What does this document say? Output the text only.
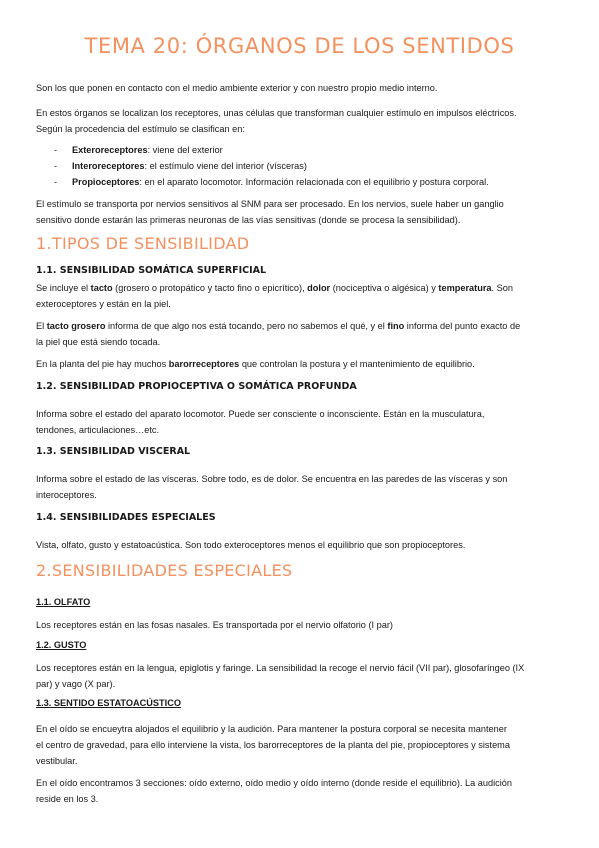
TEMA 20: ÓRGANOS DE LOS SENTIDOS
Son los que ponen en contacto con el medio ambiente exterior y con nuestro propio medio interno.
En estos órganos se localizan los receptores, unas células que transforman cualquier estímulo en impulsos eléctricos.
Según la procedencia del estímulo se clasifican en:
- Exteroreceptores: viene del exterior
- Interoreceptores: el estímulo viene del interior (vísceras)
- Propioceptores: en el aparato locomotor. Información relacionada con el equilibrio y postura corporal.
El estímulo se transporta por nervios sensitivos al SNM para ser procesado. En los nervios, suele haber un ganglio
sensitivo donde estarán las primeras neuronas de las vías sensitivas (donde se procesa la sensibilidad).
1.TIPOS DE SENSIBILIDAD
1.1. SENSIBILIDAD SOMÁTICA SUPERFICIAL
Se incluye el tacto (grosero o protopático y tacto fino o epicrítico), dolor (nociceptiva o algésica) y temperatura. Son
exteroceptores y están en la piel.
El tacto grosero informa de que algo nos está tocando, pero no sabemos el qué, y el fino informa del punto exacto de
la piel que está siendo tocada.
En la planta del pie hay muchos barorreceptores que controlan la postura y el mantenimiento de equilibrio.
1.2. SENSIBILIDAD PROPIOCEPTIVA O SOMÁTICA PROFUNDA
Informa sobre el estado del aparato locomotor. Puede ser consciente o inconsciente. Están en la musculatura,
tendones, articulaciones…etc.
1.3. SENSIBILIDAD VISCERAL
Informa sobre el estado de las vísceras. Sobre todo, es de dolor. Se encuentra en las paredes de las vísceras y son
interoceptores.
1.4. SENSIBILIDADES ESPECIALES
Vista, olfato, gusto y estatoacústica. Son todo exteroceptores menos el equilibrio que son propioceptores.
2.SENSIBILIDADES ESPECIALES
1.1. OLFATO
Los receptores están en las fosas nasales. Es transportada por el nervio olfatorio (I par)
1.2. GUSTO
Los receptores están en la lengua, epiglotis y faringe. La sensibilidad la recoge el nervio fácil (VII par), glosofaríngeo (IX
par) y vago (X par).
1.3. SENTIDO ESTATOACÚSTICO
En el oído se encueytra alojados el equilibrio y la audición. Para mantener la postura corporal se necesita mantener
el centro de gravedad, para ello interviene la vista, los barorreceptores de la planta del pie, propioceptores y sistema
vestibular.
En el oído encontramos 3 secciones: oído externo, oído medio y oído interno (donde reside el equilibrio). La audición
reside en los 3.
